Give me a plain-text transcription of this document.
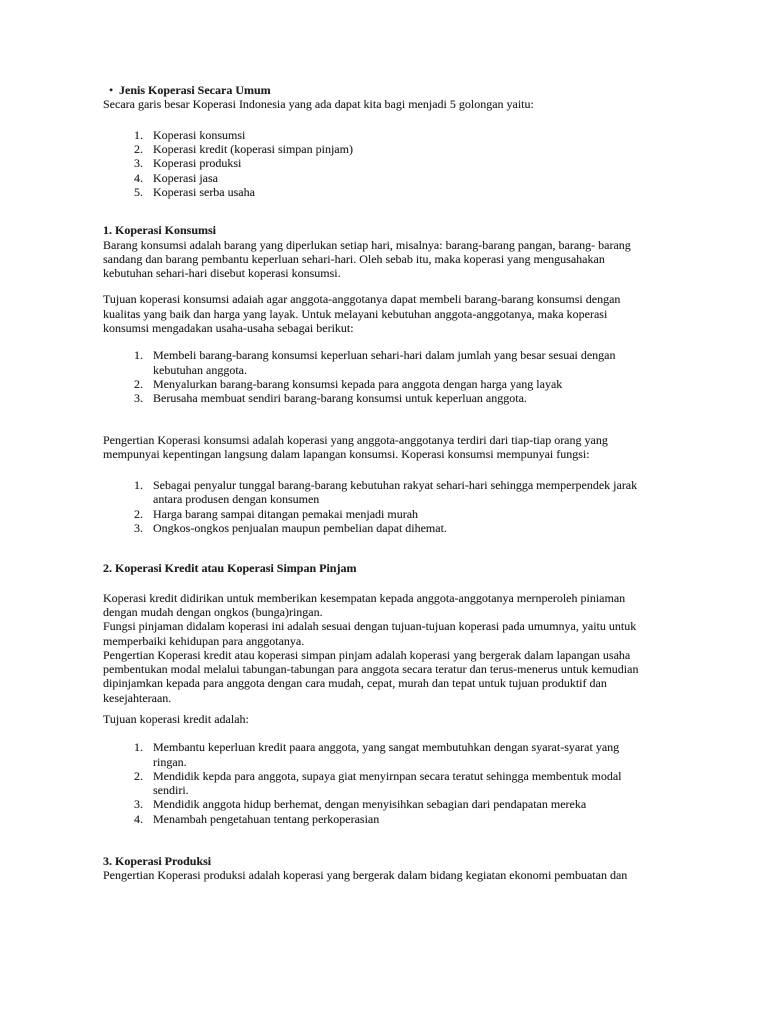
• Jenis Koperasi Secara Umum
Secara garis besar Koperasi Indonesia yang ada dapat kita bagi menjadi 5 golongan yaitu:
1. Koperasi konsumsi
2. Koperasi kredit (koperasi simpan pinjam)
3. Koperasi produksi
4. Koperasi jasa
5. Koperasi serba usaha
1. Koperasi Konsumsi
Barang konsumsi adalah barang yang diperlukan setiap hari, misalnya: barang-barang pangan, barang- barang
sandang dan barang pembantu keperluan sehari-hari. Oleh sebab itu, maka koperasi yang mengusahakan
kebutuhan sehari-hari disebut koperasi konsumsi.
Tujuan koperasi konsumsi adaiah agar anggota-anggotanya dapat membeli barang-barang konsumsi dengan
kualitas yang baik dan harga yang layak. Untuk melayani kebutuhan anggota-anggotanya, maka koperasi
konsumsi mengadakan usaha-usaha sebagai berikut:
1. Membeli barang-barang konsumsi keperluan sehari-hari dalam jumlah yang besar sesuai dengan
kebutuhan anggota.
2. Menyalurkan barang-barang konsumsi kepada para anggota dengan harga yang layak
3. Berusaha membuat sendiri barang-barang konsumsi untuk keperluan anggota.
Pengertian Koperasi konsumsi adalah koperasi yang anggota-anggotanya terdiri dari tiap-tiap orang yang
mempunyai kepentingan langsung dalam lapangan konsumsi. Koperasi konsumsi mempunyai fungsi:
1. Sebagai penyalur tunggal barang-barang kebutuhan rakyat sehari-hari sehingga memperpendek jarak
antara produsen dengan konsumen
2. Harga barang sampai ditangan pemakai menjadi murah
3. Ongkos-ongkos penjualan maupun pembelian dapat dihemat.
2. Koperasi Kredit atau Koperasi Simpan Pinjam
Koperasi kredit didirikan untuk memberikan kesempatan kepada anggota-anggotanya mernperoleh piniaman
dengan mudah dengan ongkos (bunga)ringan.
Fungsi pinjaman didalam koperasi ini adalah sesuai dengan tujuan-tujuan koperasi pada umumnya, yaitu untuk
memperbaiki kehidupan para anggotanya.
Pengertian Koperasi kredit atau koperasi simpan pinjam adalah koperasi yang bergerak dalam lapangan usaha
pembentukan modal melalui tabungan-tabungan para anggota secara teratur dan terus-menerus untuk kemudian
dipinjamkan kepada para anggota dengan cara mudah, cepat, murah dan tepat untuk tujuan produktif dan
kesejahteraan.
Tujuan koperasi kredit adalah:
1. Membantu keperluan kredit paara anggota, yang sangat membutuhkan dengan syarat-syarat yang
ringan.
2. Mendidik kepda para anggota, supaya giat menyirnpan secara teratut sehingga membentuk modal
sendiri.
3. Mendidik anggota hidup berhemat, dengan menyisihkan sebagian dari pendapatan mereka
4. Menambah pengetahuan tentang perkoperasian
3. Koperasi Produksi
Pengertian Koperasi produksi adalah koperasi yang bergerak dalam bidang kegiatan ekonomi pembuatan dan
